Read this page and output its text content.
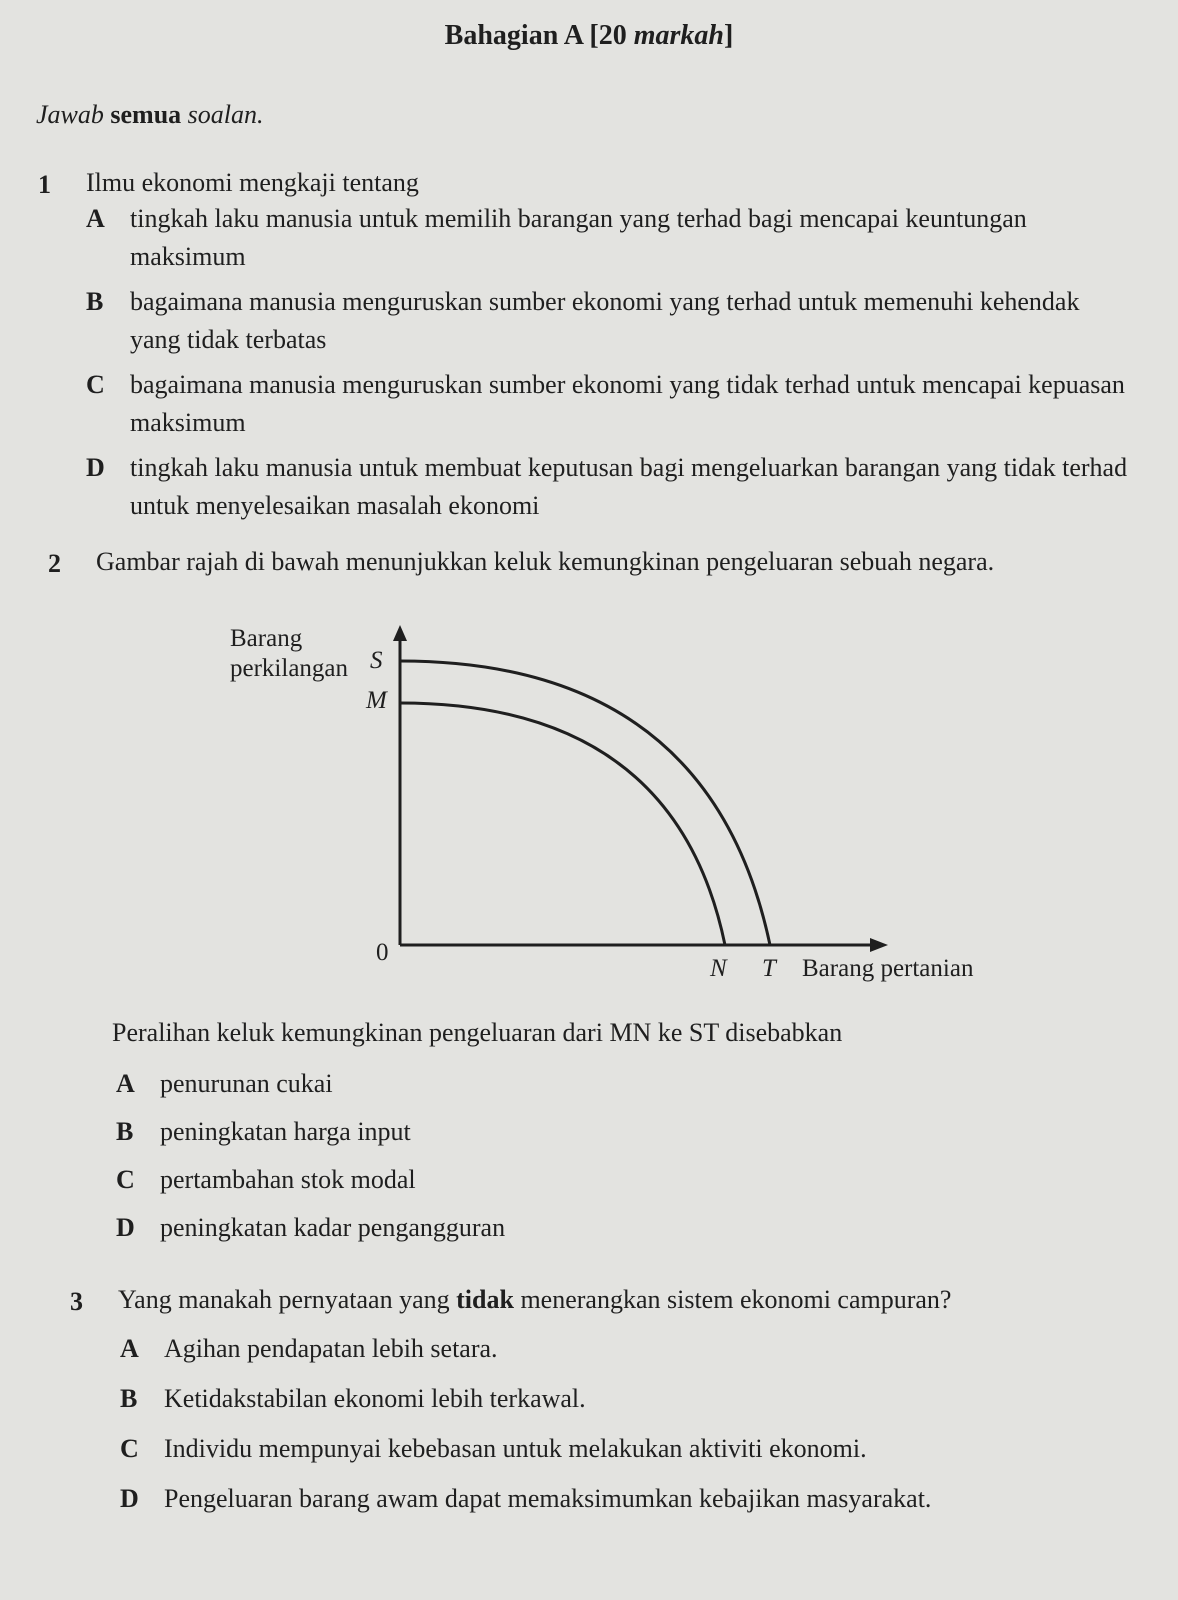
Bahagian A [20 markah]
Jawab semua soalan.
1 Ilmu ekonomi mengkaji tentang
A tingkah laku manusia untuk memilih barangan yang terhad bagi mencapai keuntungan maksimum
B bagaimana manusia menguruskan sumber ekonomi yang terhad untuk memenuhi kehendak yang tidak terbatas
C bagaimana manusia menguruskan sumber ekonomi yang tidak terhad untuk mencapai kepuasan maksimum
D tingkah laku manusia untuk membuat keputusan bagi mengeluarkan barangan yang tidak terhad untuk menyelesaikan masalah ekonomi
2 Gambar rajah di bawah menunjukkan keluk kemungkinan pengeluaran sebuah negara.
Barang
perkilangan S
M
0
N T Barang pertanian
Peralihan keluk kemungkinan pengeluaran dari MN ke ST disebabkan
A penurunan cukai
B peningkatan harga input
C pertambahan stok modal
D peningkatan kadar pengangguran
3 Yang manakah pernyataan yang tidak menerangkan sistem ekonomi campuran?
A Agihan pendapatan lebih setara.
B Ketidakstabilan ekonomi lebih terkawal.
C Individu mempunyai kebebasan untuk melakukan aktiviti ekonomi.
D Pengeluaran barang awam dapat memaksimumkan kebajikan masyarakat.
